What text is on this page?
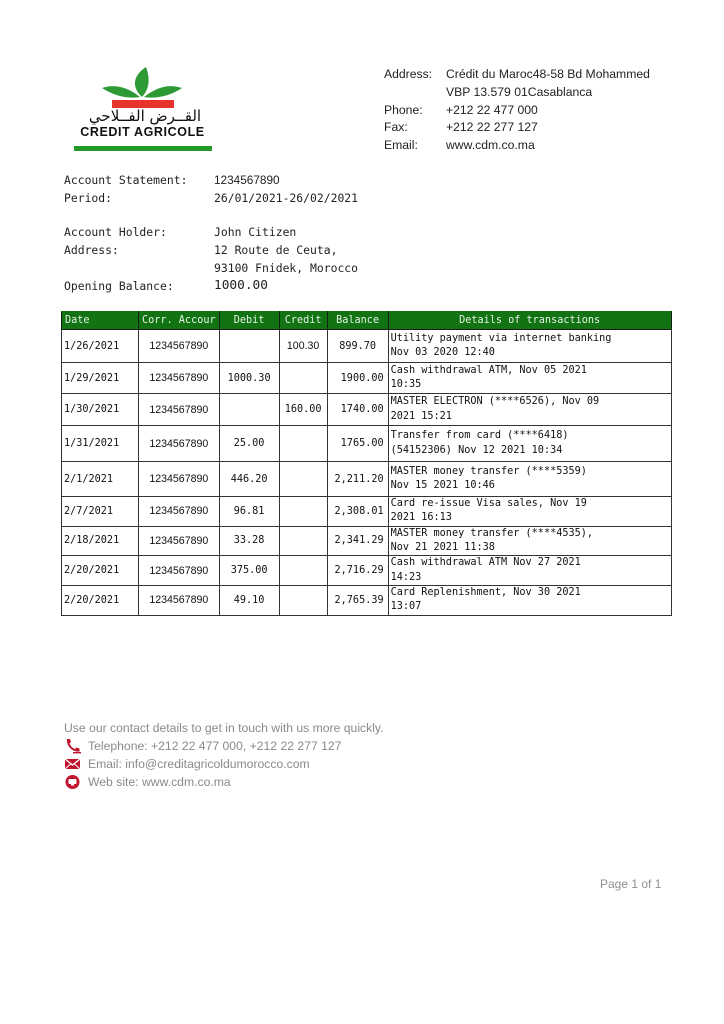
القــرض الفــلاحي
CREDIT AGRICOLE
Address:	Crédit du Maroc48-58 Bd Mohammed
VBP 13.579 01Casablanca
Phone:	+212 22 477 000
Fax:	+212 22 277 127
Email:	www.cdm.co.ma
Account Statement:	1234567890
Period:	26/01/2021-26/02/2021
Account Holder:	John Citizen
Address:	12 Route de Ceuta,
93100 Fnidek, Morocco
Opening Balance:	1000.00
Date	Corr. Accour	Debit	Credit	Balance	Details of transactions
1/26/2021	1234567890		100.30	899.70	Utility payment via internet banking
Nov 03 2020 12:40

1/29/2021	1234567890	1000.30		1900.00	Cash withdrawal ATM, Nov 05 2021
10:35

1/30/2021	1234567890		160.00	1740.00	MASTER ELECTRON (****6526), Nov 09
2021 15:21

1/31/2021	1234567890	25.00		1765.00	Transfer from card (****6418)
(54152306) Nov 12 2021 10:34

2/1/2021	1234567890	446.20		2,211.20	MASTER money transfer (****5359)
Nov 15 2021 10:46

2/7/2021	1234567890	96.81		2,308.01	Card re-issue Visa sales, Nov 19
2021 16:13

2/18/2021	1234567890	33.28		2,341.29	MASTER money transfer (****4535),
Nov 21 2021 11:38

2/20/2021	1234567890	375.00		2,716.29	Cash withdrawal ATM Nov 27 2021
14:23

2/20/2021	1234567890	49.10		2,765.39	Card Replenishment, Nov 30 2021
13:07
Use our contact details to get in touch with us more quickly.
Telephone: +212 22 477 000, +212 22 277 127
Email: info@creditagricoldumorocco.com
Web site: www.cdm.co.ma
Page 1 of 1
